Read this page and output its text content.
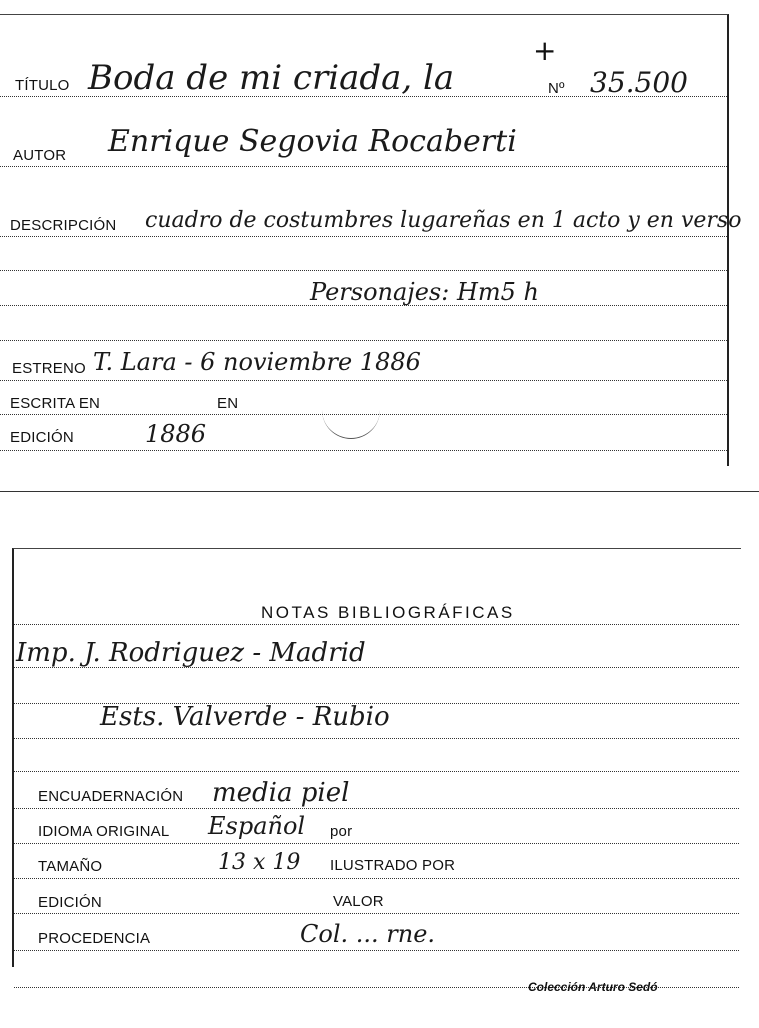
+
TÍTULO Boda de mi criada, la	Nº 35.500
AUTOR Enrique Segovia Rocaberti
DESCRIPCIÓN cuadro de costumbres lugareñas en 1 acto y en verso
Personajes: Hm5 h
ESTRENO T. Lara - 6 noviembre 1886
ESCRITA EN	EN
EDICIÓN	1886
NOTAS BIBLIOGRÁFICAS
Imp. J. Rodriguez - Madrid
Ests. Valverde - Rubio
ENCUADERNACIÓN media piel
IDIOMA ORIGINAL Español por
TAMAÑO	13 x 19 ILUSTRADO POR
EDICIÓN	VALOR
PROCEDENCIA	Col. ... rne.
Colección Arturo Sedó
